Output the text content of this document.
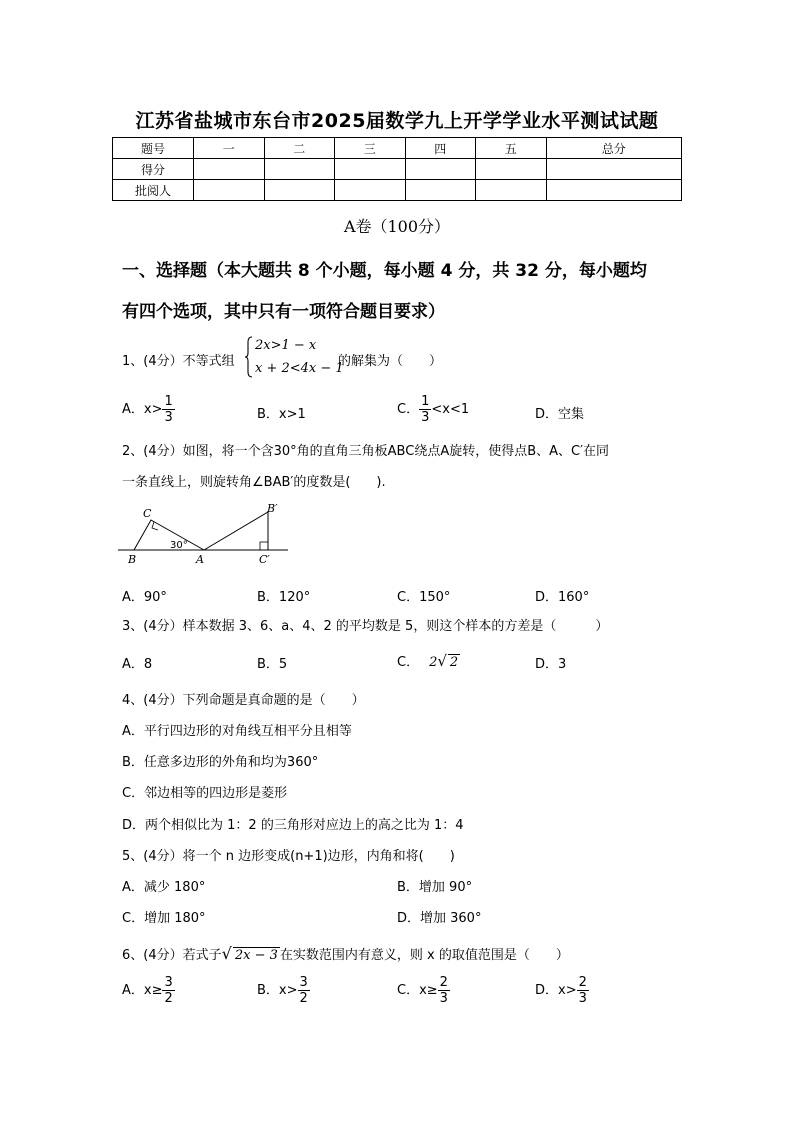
江苏省盐城市东台市2025届数学九上开学学业水平测试试题
题号	一	二	三	四	五	总分
得分						
批阅人						
A卷（100分）
一、选择题（本大题共 8 个小题，每小题 4 分，共 32 分，每小题均
有四个选项，其中只有一项符合题目要求）
1、(4分）不等式组
2x>1 − x
x + 2<4x − 1
的解集为（　　）
A．$x> \frac{1}{3}$	B．x>1	C． $\frac{1}{3} <x<1$	D．空集
2、(4分）如图，将一个含30°角的直角三角板ABC绕点A旋转，使得点B、A、C′在同
一条直线上，则旋转角∠BAB′的度数是(　　).
C
B	A
B′
C′
30°
A．90°	B．120°	C．150°	D．160°
3、(4分）样本数据 3、6、a、4、2 的平均数是 5，则这个样本的方差是（　　　）
A．8	B．5	C． 2√ 2	D．3
4、(4分）下列命题是真命题的是（　　）
A．平行四边形的对角线互相平分且相等
B．任意多边形的外角和均为360°
C．邻边相等的四边形是菱形
D．两个相似比为 1：2 的三角形对应边上的高之比为 1：4
5、(4分）将一个 n 边形变成(n+1)边形，内角和将(　　)
A．减少 180°	B．增加 90°
C．增加 180°	D．增加 360°
6、(4分）若式子√ 2x − 3 在实数范围内有意义，则 x 的取值范围是（　　）
A．$x\ge \frac{3}{2}$	B．$x> \frac{3}{2}$	C．$x\ge \frac{2}{3}$	D．$x> \frac{2}{3}$
